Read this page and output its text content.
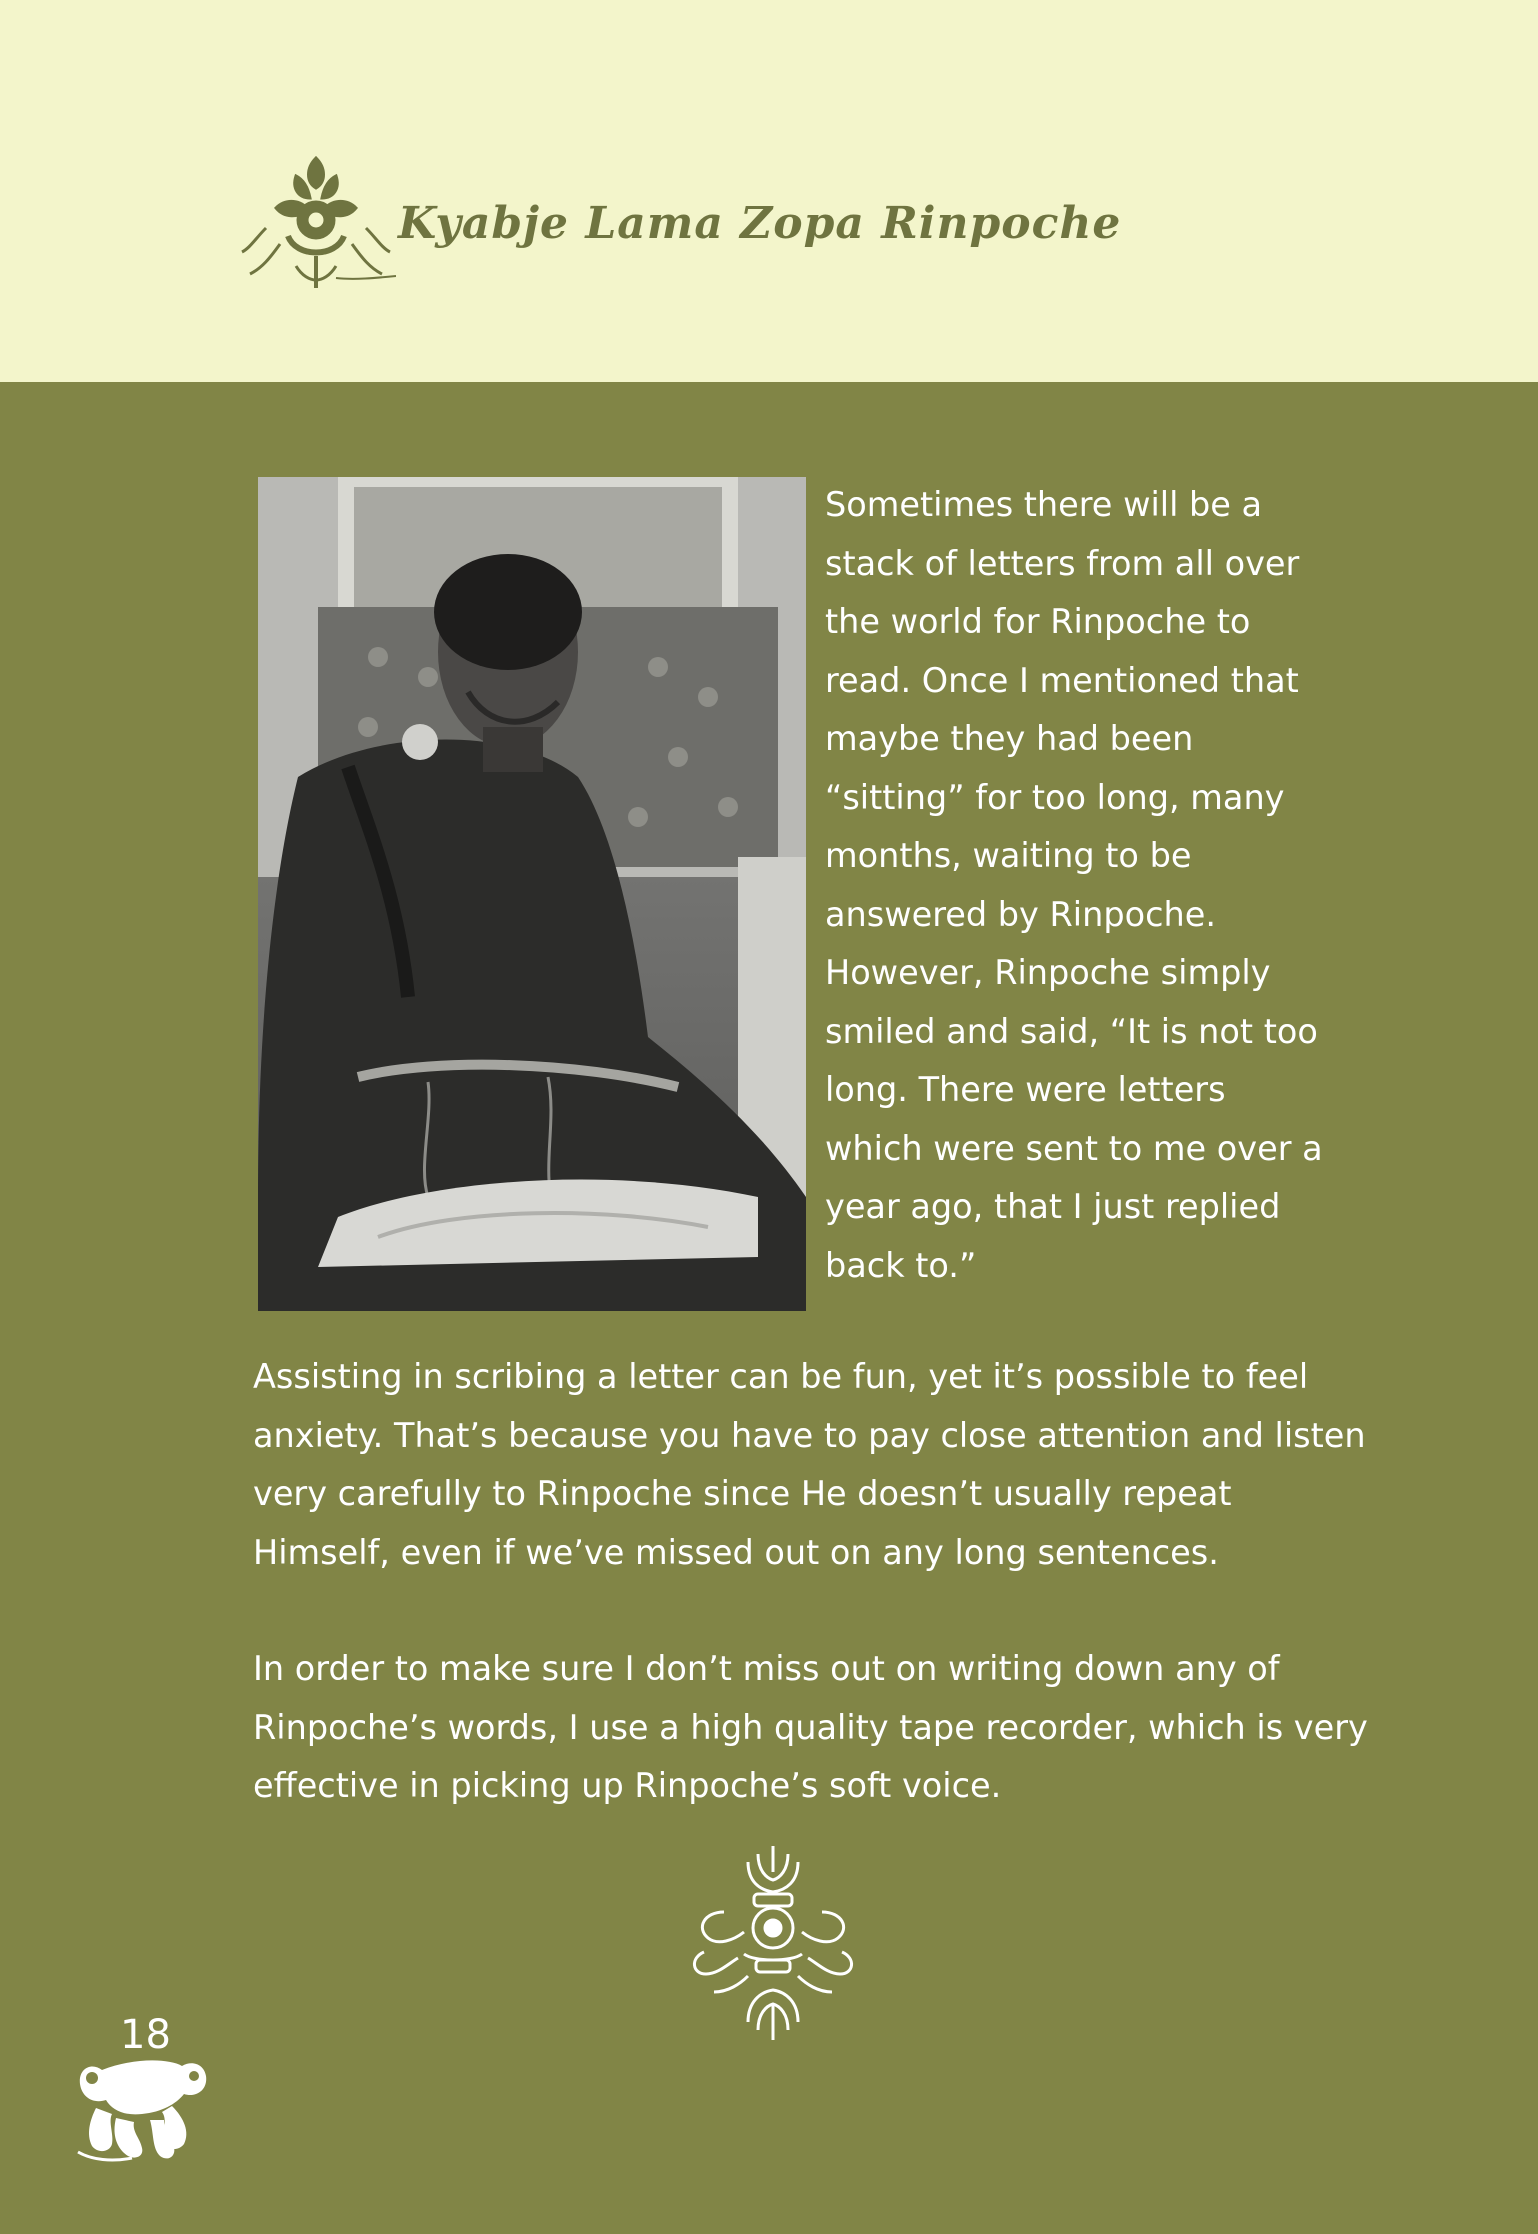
Kyabje Lama Zopa Rinpoche
Sometimes there will be a
stack of letters from all over
the world for Rinpoche to
read. Once I mentioned that
maybe they had been
“sitting” for too long, many
months, waiting to be
answered by Rinpoche.
However, Rinpoche simply
smiled and said, “It is not too
long. There were letters
which were sent to me over a
year ago, that I just replied
back to.”
Assisting in scribing a letter can be fun, yet it’s possible to feel
anxiety. That’s because you have to pay close attention and listen
very carefully to Rinpoche since He doesn’t usually repeat
Himself, even if we’ve missed out on any long sentences.
In order to make sure I don’t miss out on writing down any of
Rinpoche’s words, I use a high quality tape recorder, which is very
effective in picking up Rinpoche’s soft voice.
18
